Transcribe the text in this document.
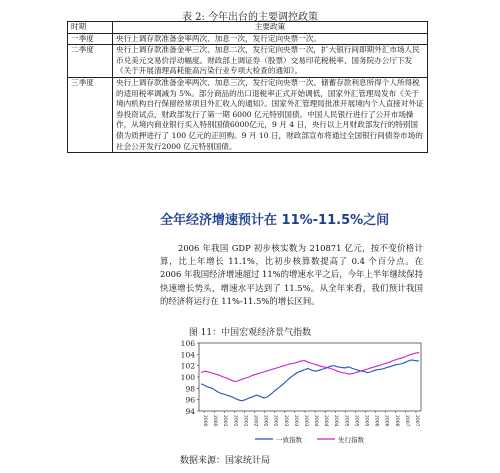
表 2: 今年出台的主要调控政策
时期	主要政策
一季度	央行上调存款准备金率两次、加息一次，发行定向央票一次。
二季度	央行上调存款准备金率三次、加息二次，发行定向央票一次，扩大银行间即期外汇市场人民币兑美元交易价浮动幅度。财政部上调证券（股票）交易印花税税率、国务院办公厅下发《关于开展清理高耗能高污染行业专项大检查的通知》。
三季度	央行上调存款准备金率两次、加息三次，发行定向央票一次、储蓄存款利息所得个人所得税的适用税率调减为 5%。部分商品的出口退税率正式开始调低，国家外汇管理局发布《关于境内机构自行保留经常项目外汇收入的通知》。国家外汇管理局批准开展境内个人直接对外证券投资试点，财政部发行了第一期 6000 亿元特别国债。中国人民银行进行了公开市场操作，从境内商业银行买入特别国债6000亿元，9 月 4 日，央行以上月财政部发行的特别国债为质押进行了 100 亿元的正回购。9 月 10 日，财政部宣布将通过全国银行间债券市场的社会公开发行2000 亿元特别国债。
全年经济增速预计在 11%-11.5%之间

2006 年我国 GDP 初步核实数为 210871 亿元，按不变价格计算，比上年增长 11.1%，比初步核算数提高了 0.4 个百分点。在 2006 年我国经济增速超过 11%的增速水平之后，今年上半年继续保持快速增长势头，增速水平达到了 11.5%。从全年来看，我们预计我国的经济将运行在 11%-11.5%的增长区间。

图 11：中国宏观经济景气指数
94
96
98
100
102
104
106
2000 2000 2001 2001 2001 2002 2002 2002 2003 2003 2003 2004 2004 2004 2005 2005 2005 2006 2006 2006 2007 2007
一致指数	先行指数
数据来源：国家统计局
